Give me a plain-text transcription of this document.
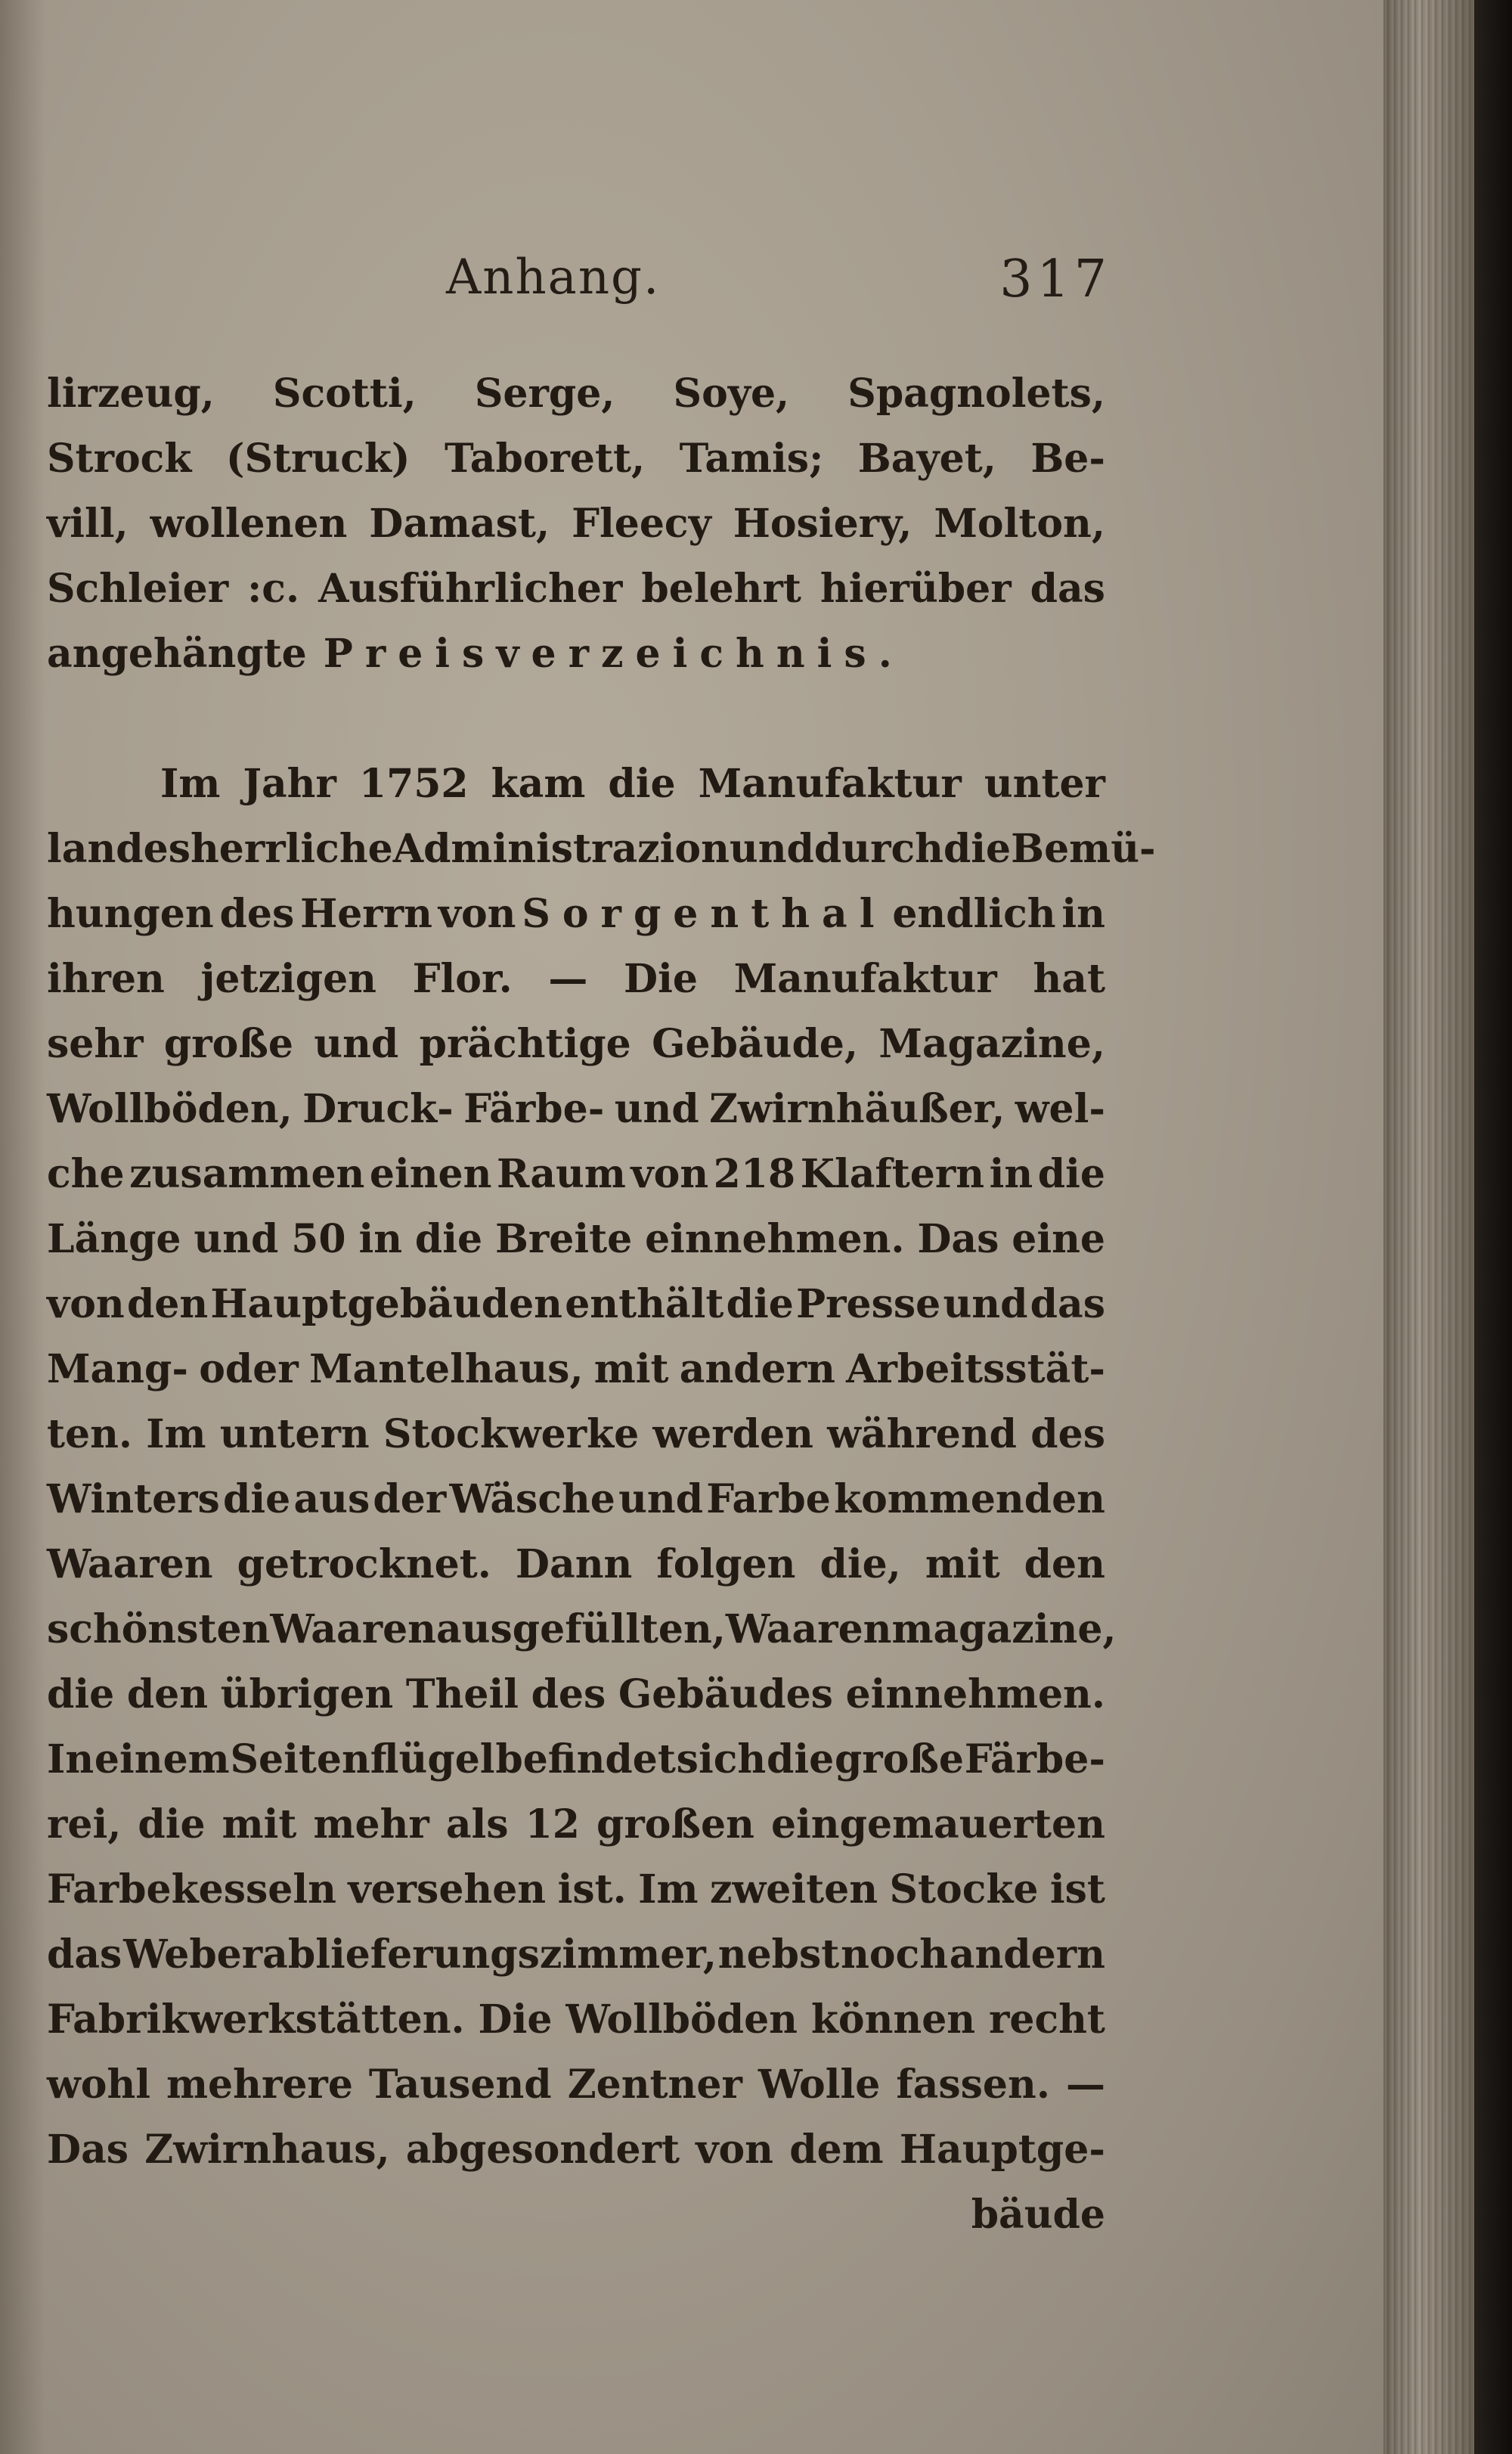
Anhang.	317
lirzeug, Scotti, Serge, Soye, Spagnolets,
Strock (Struck) Taborett, Tamis; Bayet, Be‑
vill, wollenen Damast, Fleecy Hosiery, Molton,
Schleier :c. Ausführlicher belehrt hierüber das
angehängte Preisverzeichnis.
Im Jahr 1752 kam die Manufaktur unter
landesherrliche Administrazion und durch die Bemü‑
hungen des Herrn von Sorgenthal endlich in
ihren jetzigen Flor. — Die Manufaktur hat
sehr große und prächtige Gebäude, Magazine,
Wollböden, Druck‑ Färbe‑ und Zwirnhäußer, wel‑
che zusammen einen Raum von 218 Klaftern in die
Länge und 50 in die Breite einnehmen. Das eine
von den Hauptgebäuden enthält die Presse und das
Mang‑ oder Mantelhaus, mit andern Arbeitsstät‑
ten. Im untern Stockwerke werden während des
Winters die aus der Wäsche und Farbe kommenden
Waaren getrocknet. Dann folgen die, mit den
schönsten Waaren ausgefüllten, Waarenmagazine,
die den übrigen Theil des Gebäudes einnehmen.
In einem Seitenflügel befindet sich die große Färbe‑
rei, die mit mehr als 12 großen eingemauerten
Farbekesseln versehen ist. Im zweiten Stocke ist
das Weberablieferungszimmer, nebst noch andern
Fabrikwerkstätten. Die Wollböden können recht
wohl mehrere Tausend Zentner Wolle fassen. —
Das Zwirnhaus, abgesondert von dem Hauptge‑
bäude
